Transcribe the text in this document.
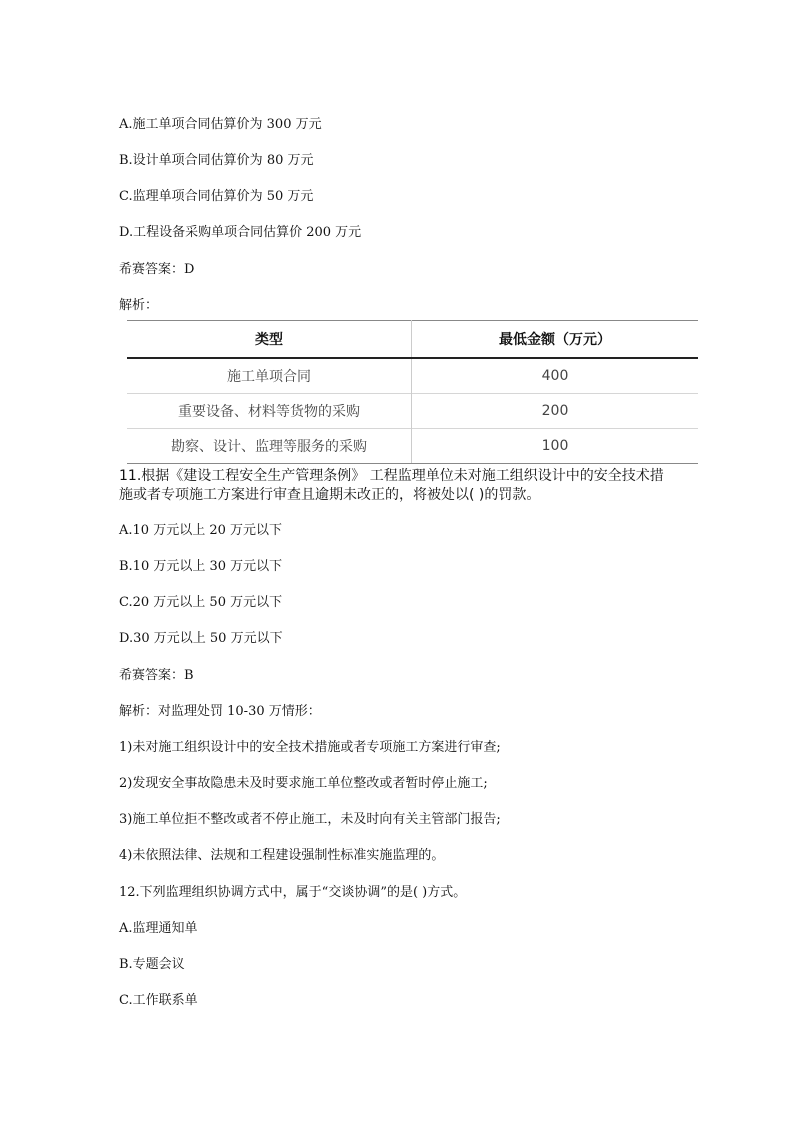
A.施工单项合同估算价为 300 万元
B.设计单项合同估算价为 80 万元
C.监理单项合同估算价为 50 万元
D.工程设备采购单项合同估算价 200 万元
希赛答案：D
解析：
类型	最低金额（万元）
施工单项合同	400
重要设备、材料等货物的采购	200
勘察、设计、监理等服务的采购	100
11.根据《建设工程安全生产管理条例》 工程监理单位未对施工组织设计中的安全技术措
施或者专项施工方案进行审查且逾期未改正的，将被处以( )的罚款。
A.10 万元以上 20 万元以下
B.10 万元以上 30 万元以下
C.20 万元以上 50 万元以下
D.30 万元以上 50 万元以下
希赛答案：B
解析：对监理处罚 10-30 万情形：
1)未对施工组织设计中的安全技术措施或者专项施工方案进行审查;
2)发现安全事故隐患未及时要求施工单位整改或者暂时停止施工;
3)施工单位拒不整改或者不停止施工，未及时向有关主管部门报告;
4)未依照法律、法规和工程建设强制性标准实施监理的。
12.下列监理组织协调方式中，属于“交谈协调”的是( )方式。
A.监理通知单
B.专题会议
C.工作联系单
